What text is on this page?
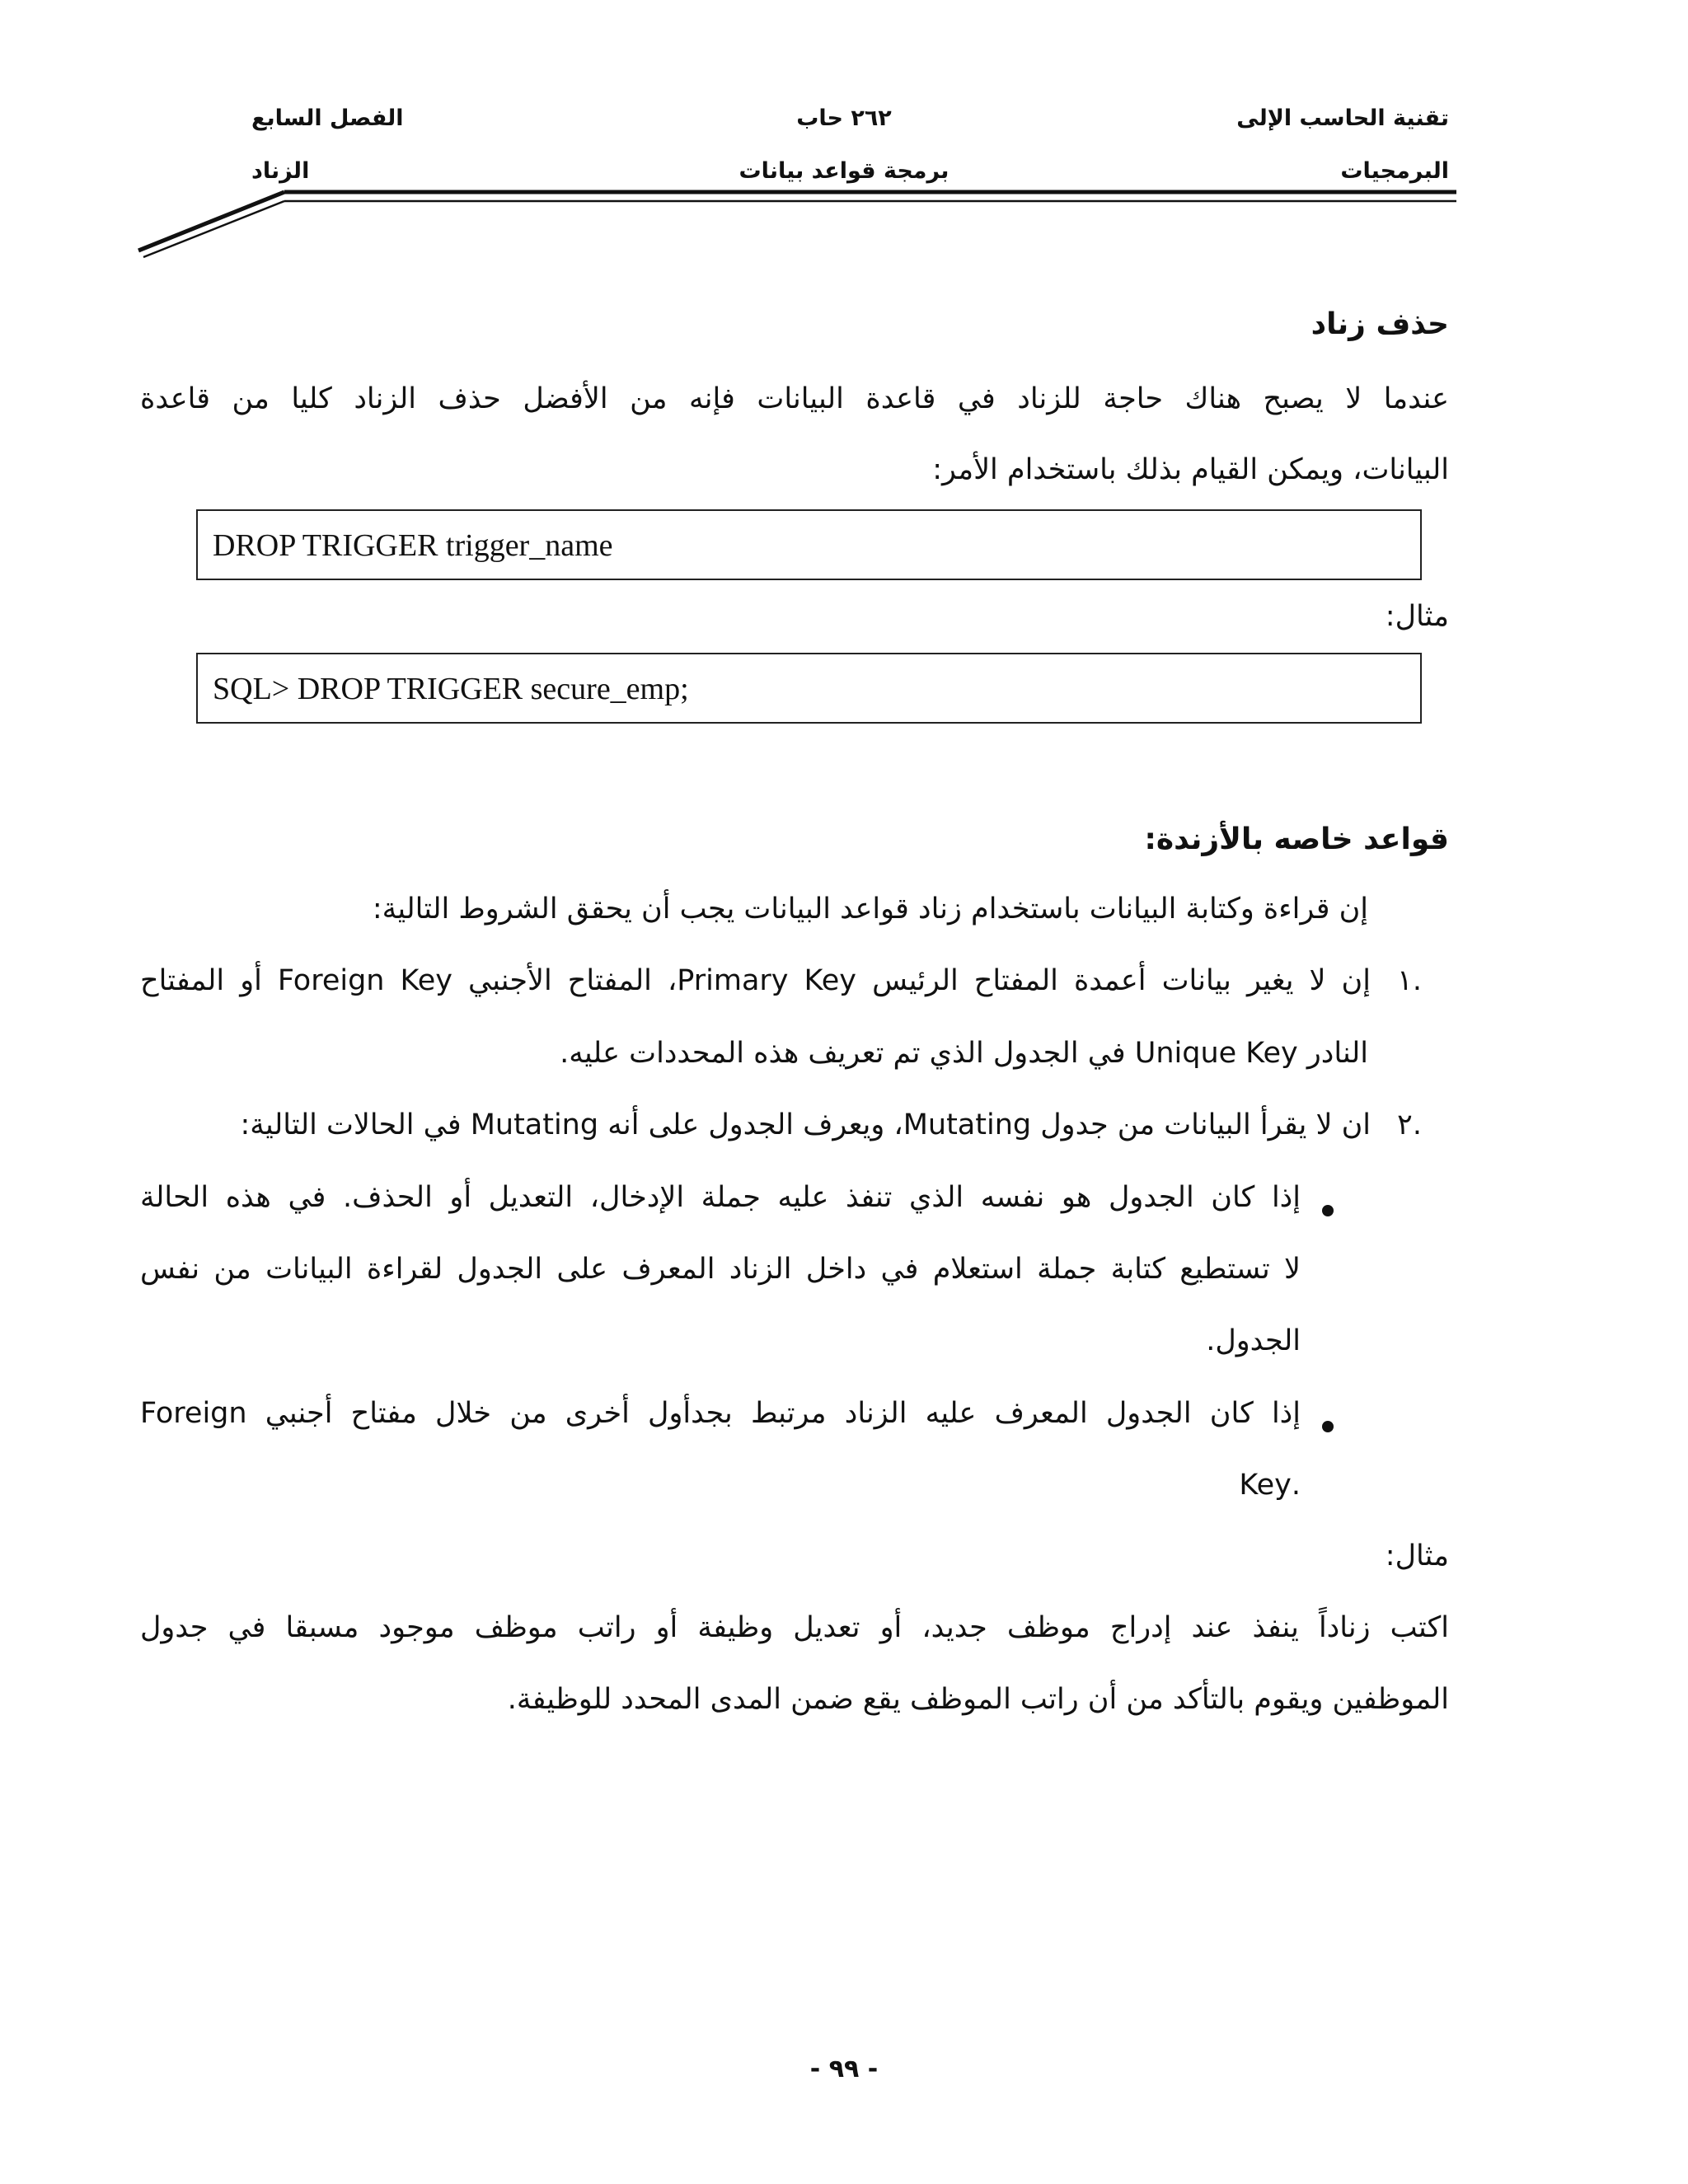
تقنية الحاسب الإلى
البرمجيات
٢٦٢ حاب
برمجة قواعد بيانات
الفصل السابع
الزناد
حذف زناد
عندما لا يصبح هناك حاجة للزناد في قاعدة البيانات فإنه من الأفضل حذف الزناد كليا من قاعدة
البيانات، ويمكن القيام بذلك باستخدام الأمر:
DROP TRIGGER trigger_name
مثال:
SQL> DROP TRIGGER secure_emp;
قواعد خاصه بالأزندة:
إن قراءة وكتابة البيانات باستخدام زناد قواعد البيانات يجب أن يحقق الشروط التالية:
.١
إن لا يغير بيانات أعمدة المفتاح الرئيس Primary Key، المفتاح الأجنبي Foreign Key أو المفتاح
النادر Unique Key في الجدول الذي تم تعريف هذه المحددات عليه.
.٢
ان لا يقرأ البيانات من جدول Mutating، ويعرف الجدول على أنه Mutating في الحالات التالية:
إذا كان الجدول هو نفسه الذي تنفذ عليه جملة الإدخال، التعديل أو الحذف. في هذه الحالة
لا تستطيع كتابة جملة استعلام في داخل الزناد المعرف على الجدول لقراءة البيانات من نفس
الجدول.
إذا كان الجدول المعرف عليه الزناد مرتبط بجدأول أخرى من خلال مفتاح أجنبي Foreign
.Key
مثال:
اكتب زناداً ينفذ عند إدراج موظف جديد، أو تعديل وظيفة أو راتب موظف موجود مسبقا في جدول
الموظفين ويقوم بالتأكد من أن راتب الموظف يقع ضمن المدى المحدد للوظيفة.
- ٩٩ -
